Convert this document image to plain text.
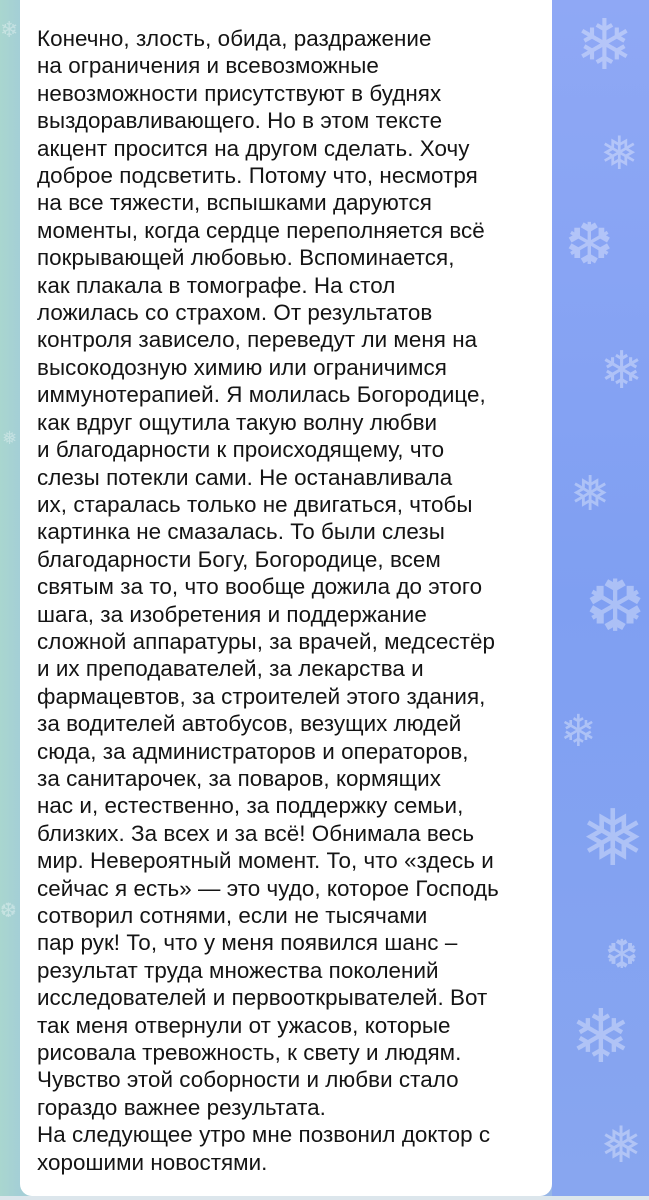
❄
❅
❆
❄
❅
❆
❄
❅
❆
❄
❅
❄
❅
❆
Конечно, злость, обида, раздражение
на ограничения и всевозможные
невозможности присутствуют в буднях
выздоравливающего. Но в этом тексте
акцент просится на другом сделать. Хочу
доброе подсветить. Потому что, несмотря
на все тяжести, вспышками даруются
моменты, когда сердце переполняется всё
покрывающей любовью. Вспоминается,
как плакала в томографе. На стол
ложилась со страхом. От результатов
контроля зависело, переведут ли меня на
высокодозную химию или ограничимся
иммунотерапией. Я молилась Богородице,
как вдруг ощутила такую волну любви
и благодарности к происходящему, что
слезы потекли сами. Не останавливала
их, старалась только не двигаться, чтобы
картинка не смазалась. То были слезы
благодарности Богу, Богородице, всем
святым за то, что вообще дожила до этого
шага, за изобретения и поддержание
сложной аппаратуры, за врачей, медсестёр
и их преподавателей, за лекарства и
фармацевтов, за строителей этого здания,
за водителей автобусов, везущих людей
сюда, за администраторов и операторов,
за санитарочек, за поваров, кормящих
нас и, естественно, за поддержку семьи,
близких. За всех и за всё! Обнимала весь
мир. Невероятный момент. То, что «здесь и
сейчас я есть» — это чудо, которое Господь
сотворил сотнями, если не тысячами
пар рук! То, что у меня появился шанс –
результат труда множества поколений
исследователей и первооткрывателей. Вот
так меня отвернули от ужасов, которые
рисовала тревожность, к свету и людям.
Чувство этой соборности и любви стало
гораздо важнее результата.
На следующее утро мне позвонил доктор с
хорошими новостями.
